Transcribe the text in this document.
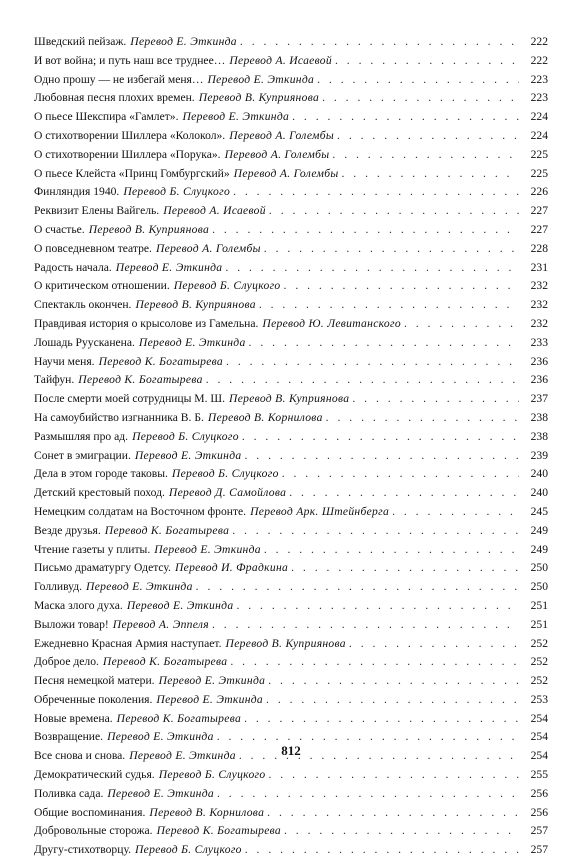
Шведский пейзаж. Перевод Е. Эткинда . . .	222
И вот война; и путь наш все труднее… Перевод А. Исаевой . . .	222
Одно прошу — не избегай меня… Перевод Е. Эткинда . . .	223
Любовная песня плохих времен. Перевод В. Куприянова . . .	223
О пьесе Шекспира «Гамлет». Перевод Е. Эткинда . . .	224
О стихотворении Шиллера «Колокол». Перевод А. Голембы . . .	224
О стихотворении Шиллера «Порука». Перевод А. Голембы . . .	225
О пьесе Клейста «Принц Гомбургский» Перевод А. Голембы . . .	225
Финляндия 1940. Перевод Б. Слуцкого . . .	226
Реквизит Елены Вайгель. Перевод А. Исаевой . . .	227
О счастье. Перевод В. Куприянова . . .	227
О повседневном театре. Перевод А. Голембы . . .	228
Радость начала. Перевод Е. Эткинда . . .	231
О критическом отношении. Перевод Б. Слуцкого . . .	232
Спектакль окончен. Перевод В. Куприянова . . .	232
Правдивая история о крысолове из Гамельна. Перевод Ю. Левитанского . . .	232
Лошадь Руусканена. Перевод Е. Эткинда . . .	233
Научи меня. Перевод К. Богатырева . . .	236
Тайфун. Перевод К. Богатырева . . .	236
После смерти моей сотрудницы М. Ш. Перевод В. Куприянова . . .	237
На самоубийство изгнанника В. Б. Перевод В. Корнилова . . .	238
Размышляя про ад. Перевод Б. Слуцкого . . .	238
Сонет в эмиграции. Перевод Е. Эткинда . . .	239
Дела в этом городе таковы. Перевод Б. Слуцкого . . .	240
Детский крестовый поход. Перевод Д. Самойлова . . .	240
Немецким солдатам на Восточном фронте. Перевод Арк. Штейнберга . . .	245
Везде друзья. Перевод К. Богатырева . . .	249
Чтение газеты у плиты. Перевод Е. Эткинда . . .	249
Письмо драматургу Одетсу. Перевод И. Фрадкина . . .	250
Голливуд. Перевод Е. Эткинда . . .	250
Маска злого духа. Перевод Е. Эткинда . . .	251
Выложи товар! Перевод А. Эппеля . . .	251
Ежедневно Красная Армия наступает. Перевод В. Куприянова . . .	252
Доброе дело. Перевод К. Богатырева . . .	252
Песня немецкой матери. Перевод Е. Эткинда . . .	252
Обреченные поколения. Перевод Е. Эткинда . . .	253
Новые времена. Перевод К. Богатырева . . .	254
Возвращение. Перевод Е. Эткинда . . .	254
Все снова и снова. Перевод Е. Эткинда . . .	254
Демократический судья. Перевод Б. Слуцкого . . .	255
Поливка сада. Перевод Е. Эткинда . . .	256
Общие воспоминания. Перевод В. Корнилова . . .	256
Добровольные сторожа. Перевод К. Богатырева . . .	257
Другу-стихотворцу. Перевод Б. Слуцкого . . .	257
812
